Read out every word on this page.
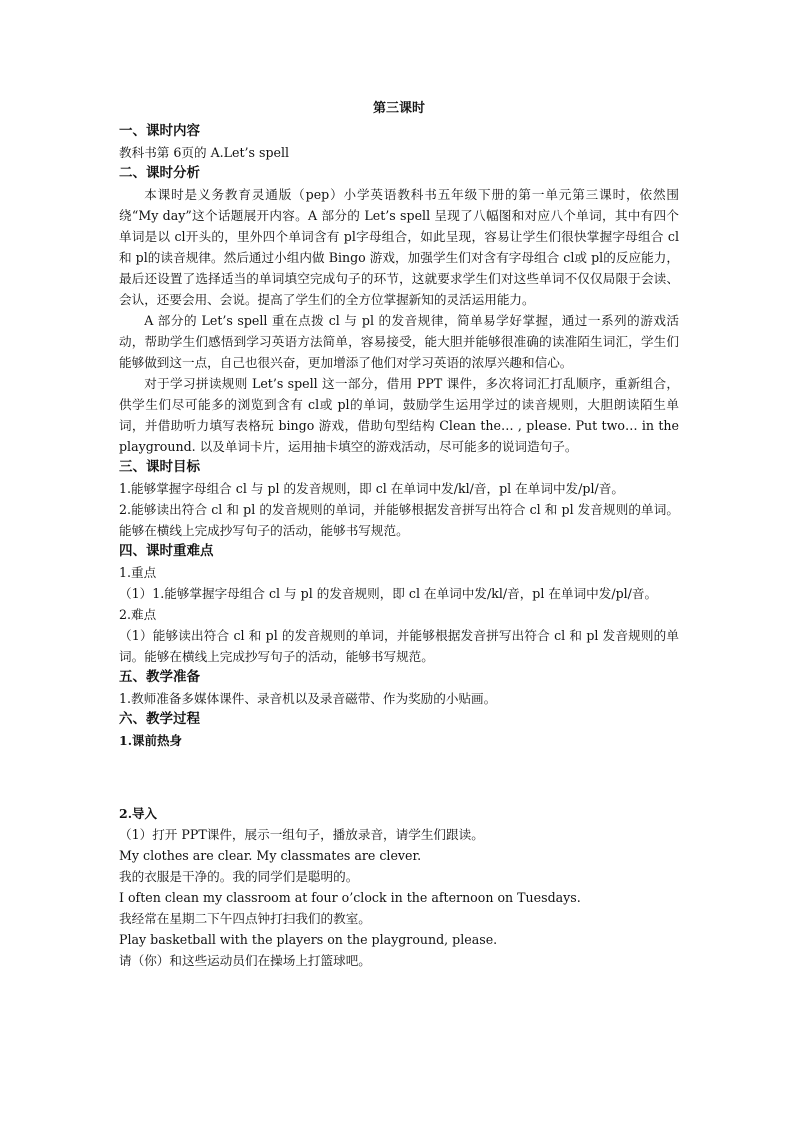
第三课时

一、课时内容

教科书第 6页的 A.Let’s spell

二、课时分析

本课时是义务教育灵通版（pep）小学英语教科书五年级下册的第一单元第三课时，依然围绕“My day”这个话题展开内容。A 部分的 Let’s spell 呈现了八幅图和对应八个单词，其中有四个单词是以 cl开头的，里外四个单词含有 pl字母组合，如此呈现，容易让学生们很快掌握字母组合 cl和 pl的读音规律。然后通过小组内做 Bingo 游戏，加强学生们对含有字母组合 cl或 pl的反应能力，最后还设置了选择适当的单词填空完成句子的环节，这就要求学生们对这些单词不仅仅局限于会读、会认，还要会用、会说。提高了学生们的全方位掌握新知的灵活运用能力。

A 部分的 Let’s spell 重在点拨 cl 与 pl 的发音规律，简单易学好掌握，通过一系列的游戏活动，帮助学生们感悟到学习英语方法简单，容易接受，能大胆并能够很准确的读准陌生词汇，学生们能够做到这一点，自己也很兴奋，更加增添了他们对学习英语的浓厚兴趣和信心。

对于学习拼读规则 Let’s spell 这一部分，借用 PPT 课件，多次将词汇打乱顺序，重新组合，供学生们尽可能多的浏览到含有 cl或 pl的单词，鼓励学生运用学过的读音规则，大胆朗读陌生单词，并借助听力填写表格玩 bingo 游戏，借助句型结构 Clean the… , please. Put two… in the playground. 以及单词卡片，运用抽卡填空的游戏活动，尽可能多的说词造句子。

三、课时目标

1.能够掌握字母组合 cl 与 pl 的发音规则，即 cl 在单词中发/kl/音，pl 在单词中发/pl/音。

2.能够读出符合 cl 和 pl 的发音规则的单词，并能够根据发音拼写出符合 cl 和 pl 发音规则的单词。能够在横线上完成抄写句子的活动，能够书写规范。

四、课时重难点

1.重点

（1）1.能够掌握字母组合 cl 与 pl 的发音规则，即 cl 在单词中发/kl/音，pl 在单词中发/pl/音。

2.难点

（1）能够读出符合 cl 和 pl 的发音规则的单词，并能够根据发音拼写出符合 cl 和 pl 发音规则的单词。能够在横线上完成抄写句子的活动，能够书写规范。

五、教学准备

1.教师准备多媒体课件、录音机以及录音磁带、作为奖励的小贴画。

六、教学过程

1.课前热身

2.导入

（1）打开 PPT课件，展示一组句子，播放录音，请学生们跟读。

My clothes are clear. My classmates are clever.

我的衣服是干净的。我的同学们是聪明的。

I often clean my classroom at four o’clock in the afternoon on Tuesdays.

我经常在星期二下午四点钟打扫我们的教室。

Play basketball with the players on the playground, please.

请（你）和这些运动员们在操场上打篮球吧。
